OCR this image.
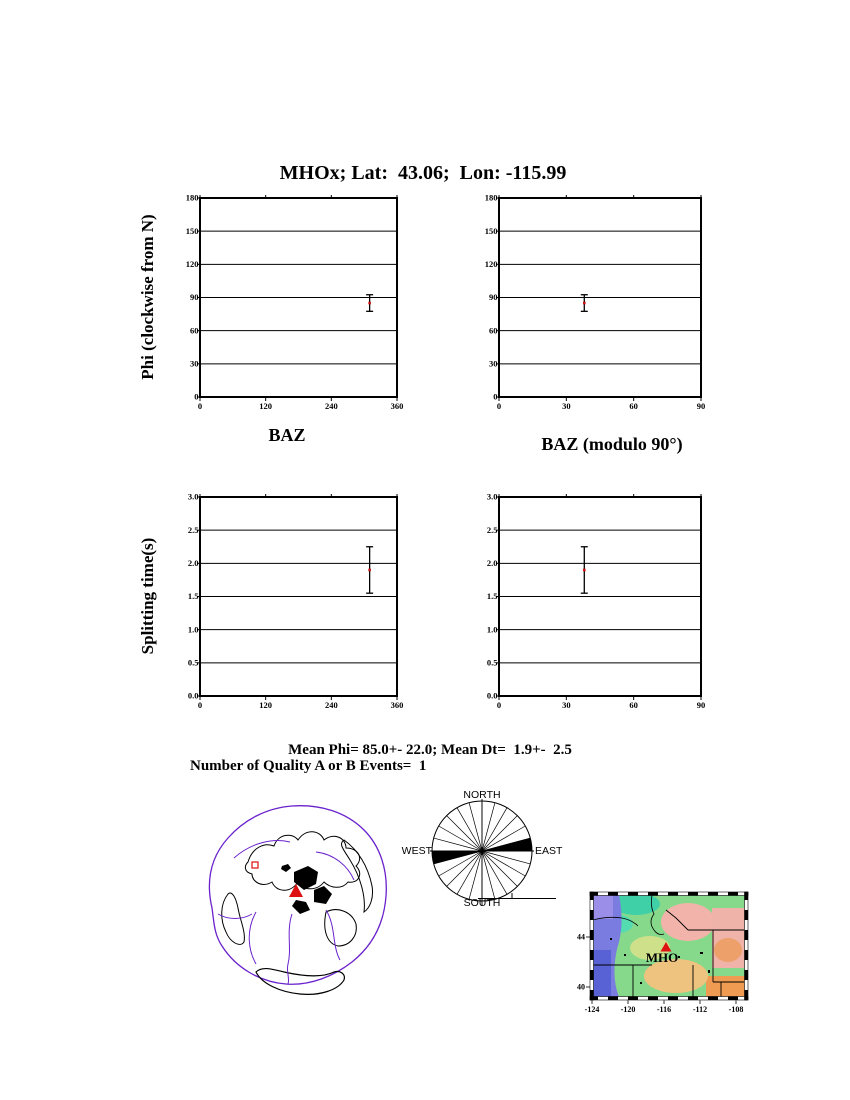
0
30
60
90
120
150
180
0	120	240	360
0
30
60
90
120
150
180
0	30	60	90
0.0
0.5
1.0
1.5
2.0
2.5
3.0
0	120	240	360
0.0
0.5
1.0
1.5
2.0
2.5
3.0
0	30	60	90
-124	-120	-116	-112	-108
44
40
MHO
MHOx; Lat:  43.06;  Lon: -115.99
Phi (clockwise from N)
Splitting time(s)
BAZ	BAZ (modulo 90°)
Mean Phi= 85.0+- 22.0; Mean Dt=  1.9+-  2.5
Number of Quality A or B Events=  1
NORTH
SOUTH
EAST
WEST
